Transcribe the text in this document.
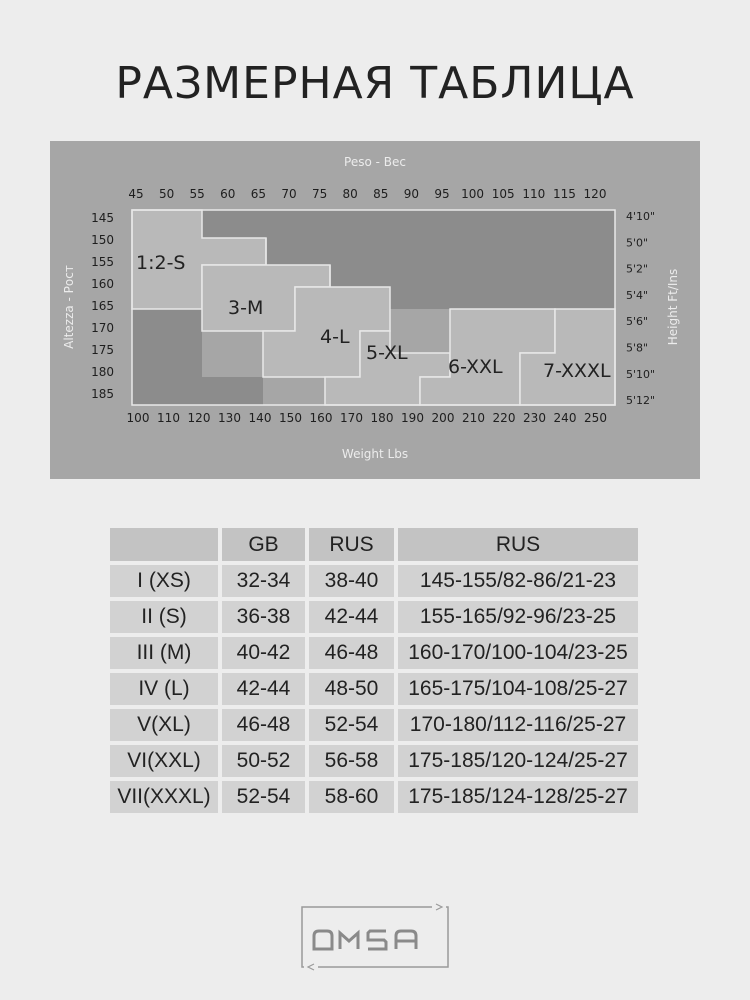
РАЗМЕРНАЯ ТАБЛИЦА
Peso - Вес
Weight Lbs
Altezza - Рост	Height Ft/Ins
45 50 55 60 65 70 75 80 85 90 95 100 105 110 115 120
100 110 120 130 140 150 160 170 180 190 200 210 220 230 240 250
145
150
155
160
165
170
175
180
185
4'10"
5'0"
5'2"
5'4"
5'6"
5'8"
5'10"
5'12"
1:2-S
3-M
4-L
5-XL
6-XXL 7-XXXL
	GB	RUS	RUS
I (XS)	32-34	38-40	145-155/82-86/21-23
II (S)	36-38	42-44	155-165/92-96/23-25
III (M)	40-42	46-48	160-170/100-104/23-25
IV (L)	42-44	48-50	165-175/104-108/25-27
V(XL)	46-48	52-54	170-180/112-116/25-27
VI(XXL)	50-52	56-58	175-185/120-124/25-27
VII(XXXL)	52-54	58-60	175-185/124-128/25-27
OMSA
